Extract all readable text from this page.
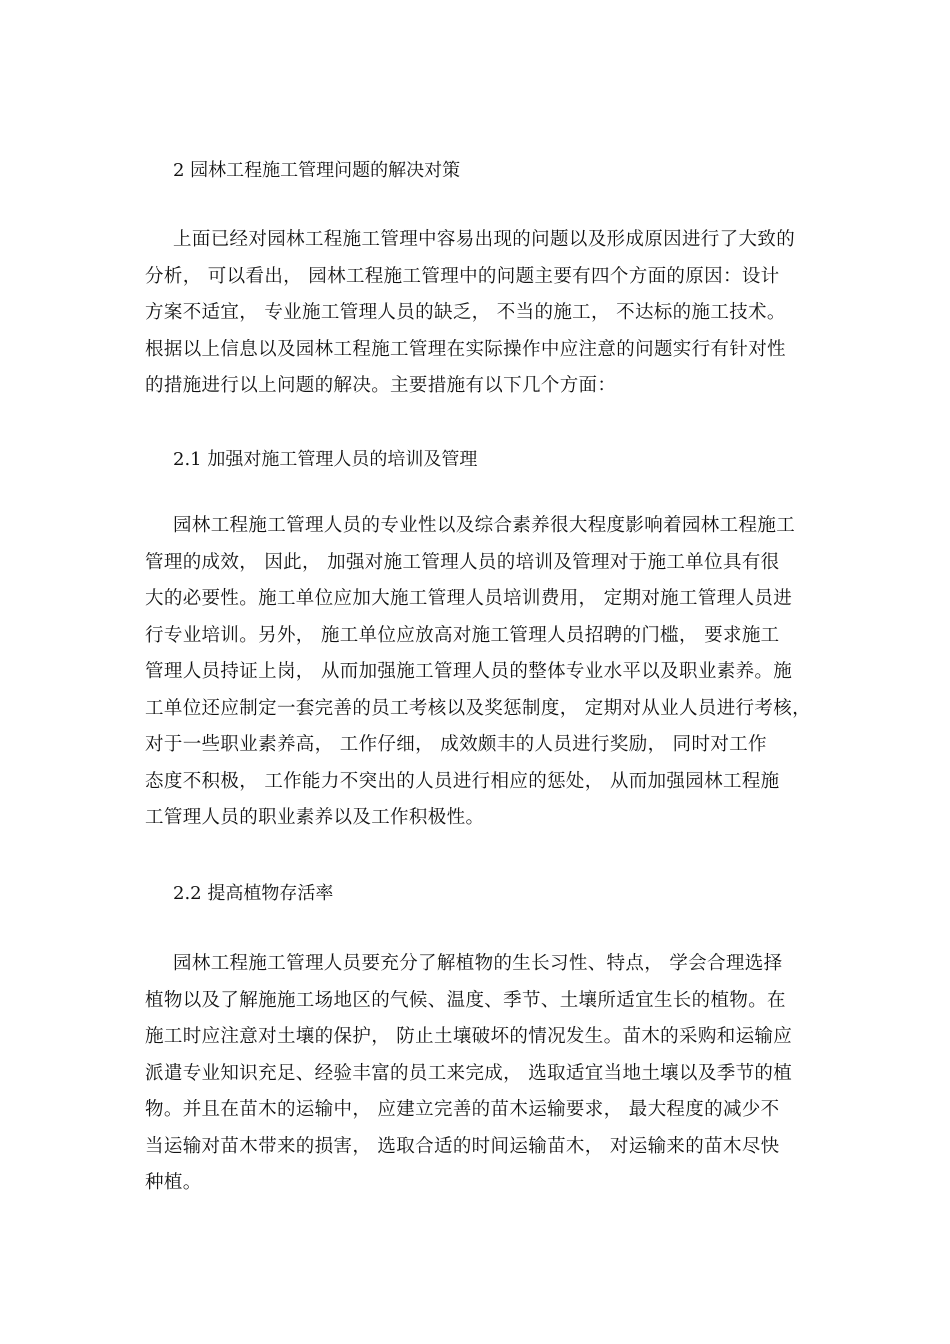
2 园林工程施工管理问题的解决对策
上面已经对园林工程施工管理中容易出现的问题以及形成原因进行了大致的
分析， 可以看出， 园林工程施工管理中的问题主要有四个方面的原因：设计
方案不适宜， 专业施工管理人员的缺乏， 不当的施工， 不达标的施工技术。
根据以上信息以及园林工程施工管理在实际操作中应注意的问题实行有针对性
的措施进行以上问题的解决。主要措施有以下几个方面：
2.1 加强对施工管理人员的培训及管理
园林工程施工管理人员的专业性以及综合素养很大程度影响着园林工程施工
管理的成效， 因此， 加强对施工管理人员的培训及管理对于施工单位具有很
大的必要性。施工单位应加大施工管理人员培训费用， 定期对施工管理人员进
行专业培训。另外， 施工单位应放高对施工管理人员招聘的门槛， 要求施工
管理人员持证上岗， 从而加强施工管理人员的整体专业水平以及职业素养。施
工单位还应制定一套完善的员工考核以及奖惩制度， 定期对从业人员进行考核，
对于一些职业素养高， 工作仔细， 成效颇丰的人员进行奖励， 同时对工作
态度不积极， 工作能力不突出的人员进行相应的惩处， 从而加强园林工程施
工管理人员的职业素养以及工作积极性。
2.2 提高植物存活率
园林工程施工管理人员要充分了解植物的生长习性、特点， 学会合理选择
植物以及了解施施工场地区的气候、温度、季节、土壤所适宜生长的植物。在
施工时应注意对土壤的保护， 防止土壤破坏的情况发生。苗木的采购和运输应
派遣专业知识充足、经验丰富的员工来完成， 选取适宜当地土壤以及季节的植
物。并且在苗木的运输中， 应建立完善的苗木运输要求， 最大程度的减少不
当运输对苗木带来的损害， 选取合适的时间运输苗木， 对运输来的苗木尽快
种植。
